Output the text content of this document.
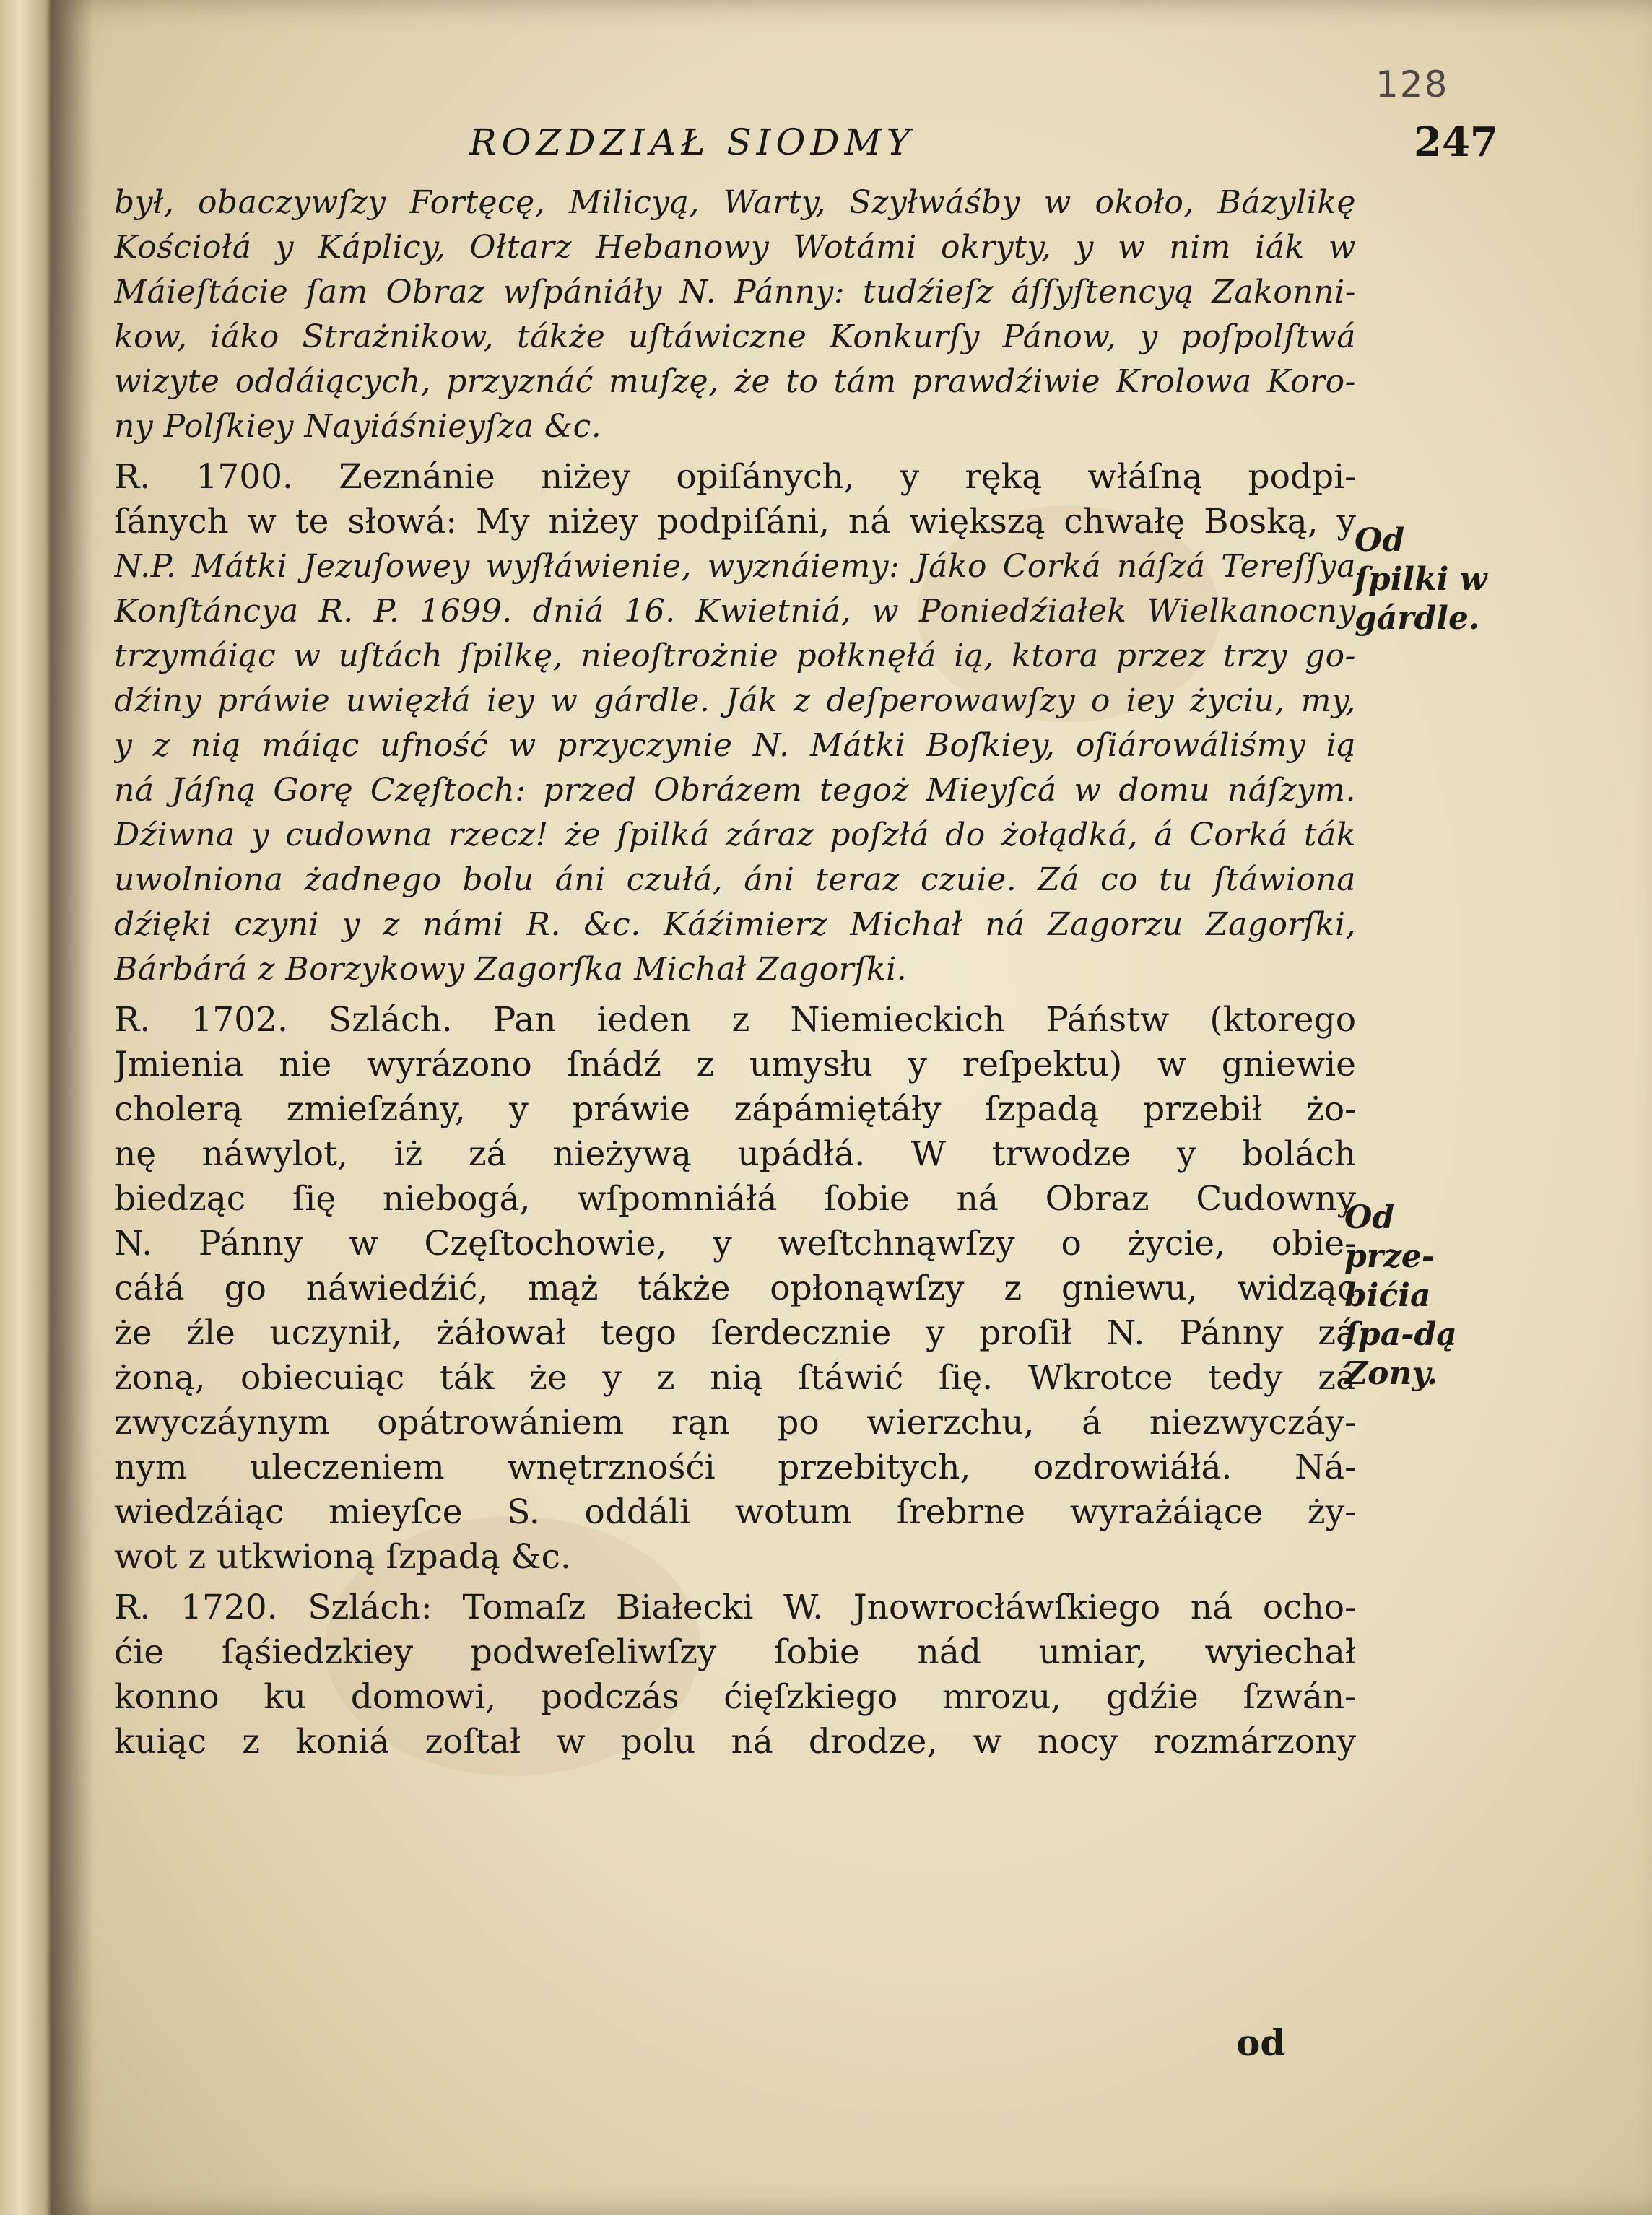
128
ROZDZIAŁ SIODMY	247
był, obaczywſzy Fortęcę, Milicyą, Warty, Szyłwáśby w około, Bázylikę
Kościołá y Káplicy, Ołtarz Hebanowy Wotámi okryty, y w nim iák w
Máieſtácie ſam Obraz wſpániáły N. Pánny: tudźieſz áſſyſtencyą Zakonni-
kow, iáko Strażnikow, tákże uſtáwiczne Konkurſy Pánow, y poſpolſtwá
wizyte oddáiących, przyznáć muſzę, że to tám prawdźiwie Krolowa Koro-
ny Polſkiey Nayiáśnieyſza &c.
R. 1700. Zeznánie niżey opiſánych, y ręką włáſną podpi-
ſánych w te słowá: My niżey podpiſáni, ná większą chwałę Boską, y
N.P. Mátki Jezuſowey wyſłáwienie, wyznáiemy: Jáko Corká náſzá Tereſſya
Konſtáncya R. P. 1699. dniá 16. Kwietniá, w Poniedźiałek Wielkanocny
trzymáiąc w uſtách ſpilkę, nieoſtrożnie połknęłá ią, ktora przez trzy go-
dźiny práwie uwięzłá iey w gárdle. Ják z deſperowawſzy o iey życiu, my,
y z nią máiąc ufność w przyczynie N. Mátki Boſkiey, oſiárowáliśmy ią
ná Jáſną Gorę Częſtoch: przed Obrázem tegoż Mieyſcá w domu náſzym.
Dźiwna y cudowna rzecz! że ſpilká záraz poſzłá do żołądká, á Corká ták
uwolniona żadnego bolu áni czułá, áni teraz czuie. Zá co tu ſtáwiona
dźięki czyni y z námi R. &c. Káźimierz Michał ná Zagorzu Zagorſki,
Bárbárá z Borzykowy Zagorſka Michał Zagorſki.
R. 1702. Szlách. Pan ieden z Niemieckich Páństw (ktorego
Jmienia nie wyrázono ſnádź z umysłu y reſpektu) w gniewie
cholerą zmieſzány, y práwie zápámiętáły ſzpadą przebił żo-
nę náwylot, iż zá nieżywą upádłá. W trwodze y bolách
biedząc ſię niebogá, wſpomniáłá ſobie ná Obraz Cudowny
N. Pánny w Częſtochowie, y weſtchnąwſzy o życie, obie-
cáłá go náwiedźić, mąż tákże opłonąwſzy z gniewu, widząc
że źle uczynił, żáłował tego ſerdecznie y proſił N. Pánny zá
żoną, obiecuiąc ták że y z nią ſtáwić ſię. Wkrotce tedy zá
zwyczáynym opátrowániem rąn po wierzchu, á niezwyczáy-
nym uleczeniem wnętrznośći przebitych, ozdrowiáłá. Ná-
wiedzáiąc mieyſce S. oddáli wotum ſrebrne wyrażáiące ży-
wot z utkwioną ſzpadą &c.
R. 1720. Szlách: Tomaſz Białecki W. Jnowrocłáwſkiego ná ocho-
ćie ſąśiedzkiey podweſeliwſzy ſobie nád umiar, wyiechał
konno ku domowi, podczás ćięſzkiego mrozu, gdźie ſzwán-
kuiąc z koniá zoſtał w polu ná drodze, w nocy rozmárzony
Od ſpilki w gárdle.
Od prze-bićia ſpa-dą Zony.
od
